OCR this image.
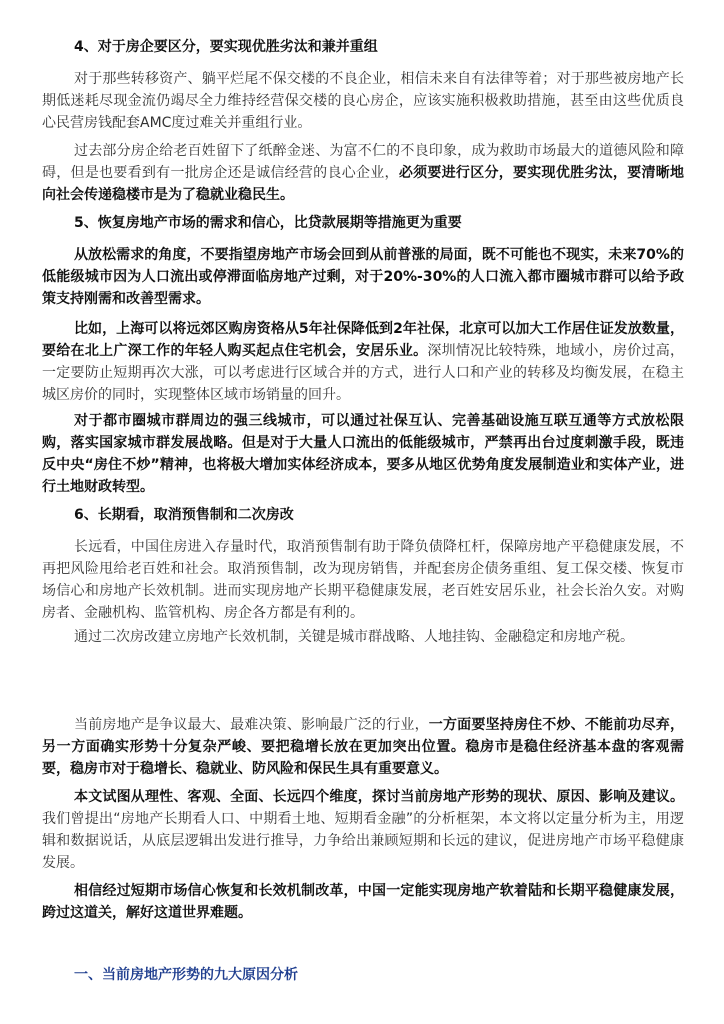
4、对于房企要区分，要实现优胜劣汰和兼并重组

对于那些转移资产、躺平烂尾不保交楼的不良企业，相信未来自有法律等着；对于那些被房地产长期低迷耗尽现金流仍竭尽全力维持经营保交楼的良心房企，应该实施积极救助措施，甚至由这些优质良心民营房钱配套AMC度过难关并重组行业。

过去部分房企给老百姓留下了纸醉金迷、为富不仁的不良印象，成为救助市场最大的道德风险和障碍，但是也要看到有一批房企还是诚信经营的良心企业，必须要进行区分，要实现优胜劣汰，要清晰地向社会传递稳楼市是为了稳就业稳民生。

5、恢复房地产市场的需求和信心，比贷款展期等措施更为重要

从放松需求的角度，不要指望房地产市场会回到从前普涨的局面，既不可能也不现实，未来70%的低能级城市因为人口流出或停滞面临房地产过剩，对于20%-30%的人口流入都市圈城市群可以给予政策支持刚需和改善型需求。

比如，上海可以将远郊区购房资格从5年社保降低到2年社保，北京可以加大工作居住证发放数量，要给在北上广深工作的年轻人购买起点住宅机会，安居乐业。深圳情况比较特殊，地域小，房价过高，一定要防止短期再次大涨，可以考虑进行区域合并的方式，进行人口和产业的转移及均衡发展，在稳主城区房价的同时，实现整体区域市场销量的回升。

对于都市圈城市群周边的强三线城市，可以通过社保互认、完善基础设施互联互通等方式放松限购，落实国家城市群发展战略。但是对于大量人口流出的低能级城市，严禁再出台过度刺激手段，既违反中央“房住不炒”精神，也将极大增加实体经济成本，要多从地区优势角度发展制造业和实体产业，进行土地财政转型。

6、长期看，取消预售制和二次房改

长远看，中国住房进入存量时代，取消预售制有助于降负债降杠杆，保障房地产平稳健康发展，不再把风险甩给老百姓和社会。取消预售制，改为现房销售，并配套房企债务重组、复工保交楼、恢复市场信心和房地产长效机制。进而实现房地产长期平稳健康发展，老百姓安居乐业，社会长治久安。对购房者、金融机构、监管机构、房企各方都是有利的。

通过二次房改建立房地产长效机制，关键是城市群战略、人地挂钩、金融稳定和房地产税。

当前房地产是争议最大、最难决策、影响最广泛的行业，一方面要坚持房住不炒、不能前功尽弃，另一方面确实形势十分复杂严峻、要把稳增长放在更加突出位置。稳房市是稳住经济基本盘的客观需要，稳房市对于稳增长、稳就业、防风险和保民生具有重要意义。

本文试图从理性、客观、全面、长远四个维度，探讨当前房地产形势的现状、原因、影响及建议。我们曾提出“房地产长期看人口、中期看土地、短期看金融”的分析框架，本文将以定量分析为主，用逻辑和数据说话，从底层逻辑出发进行推导，力争给出兼顾短期和长远的建议，促进房地产市场平稳健康发展。

相信经过短期市场信心恢复和长效机制改革，中国一定能实现房地产软着陆和长期平稳健康发展，跨过这道关，解好这道世界难题。

一、当前房地产形势的九大原因分析
